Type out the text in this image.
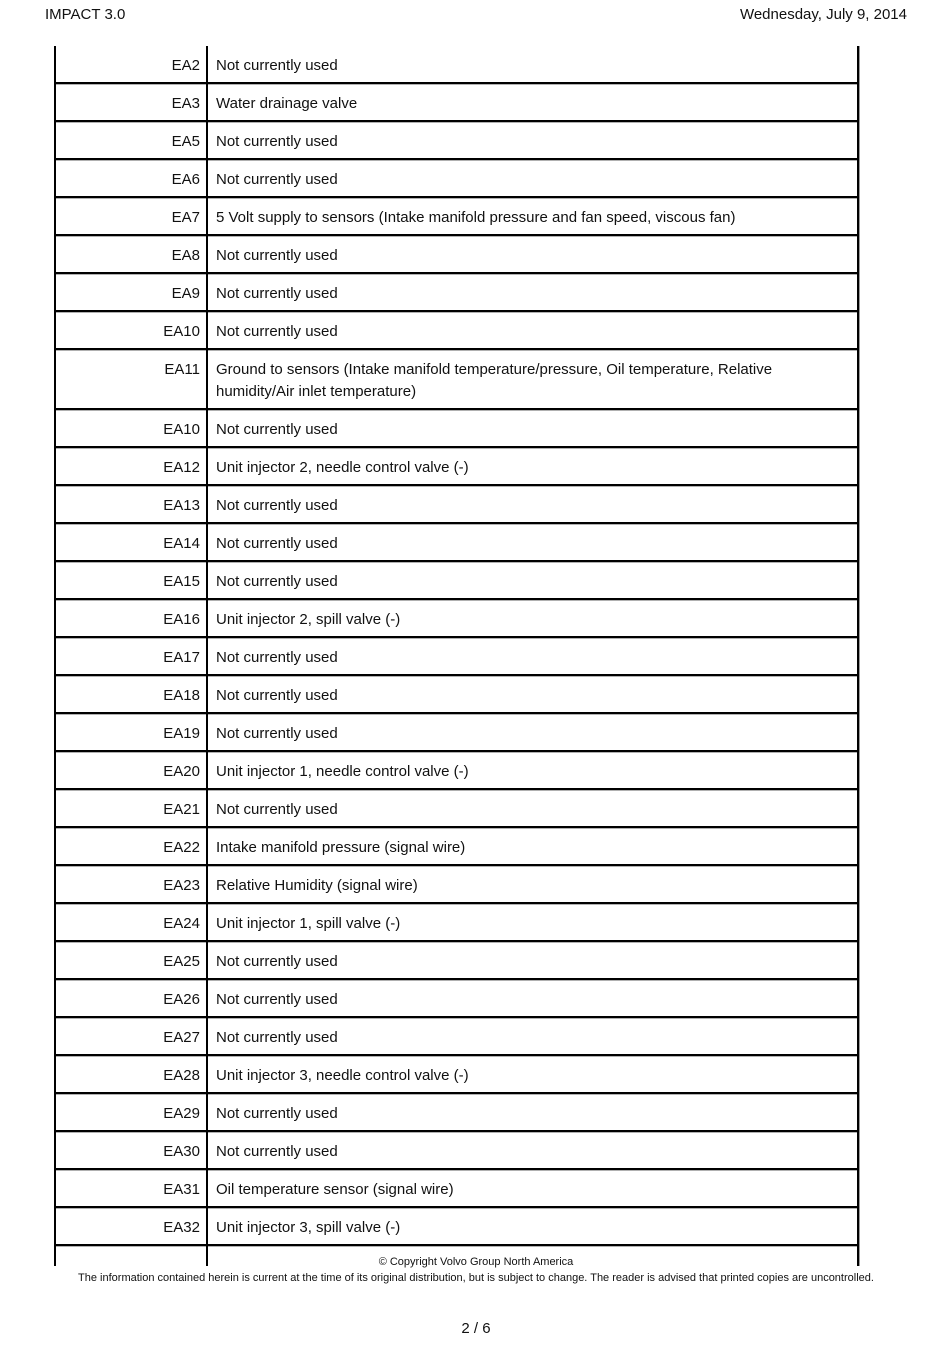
IMPACT 3.0	Wednesday, July 9, 2014
EA2	Not currently used
EA3	Water drainage valve
EA5	Not currently used
EA6	Not currently used
EA7	5 Volt supply to sensors (Intake manifold pressure and fan speed, viscous fan)
EA8	Not currently used
EA9	Not currently used
EA10	Not currently used
EA11	Ground to sensors (Intake manifold temperature/pressure, Oil temperature, Relative humidity/Air inlet temperature)
EA10	Not currently used
EA12	Unit injector 2, needle control valve (-)
EA13	Not currently used
EA14	Not currently used
EA15	Not currently used
EA16	Unit injector 2, spill valve (-)
EA17	Not currently used
EA18	Not currently used
EA19	Not currently used
EA20	Unit injector 1, needle control valve (-)
EA21	Not currently used
EA22	Intake manifold pressure (signal wire)
EA23	Relative Humidity (signal wire)
EA24	Unit injector 1, spill valve (-)
EA25	Not currently used
EA26	Not currently used
EA27	Not currently used
EA28	Unit injector 3, needle control valve (-)
EA29	Not currently used
EA30	Not currently used
EA31	Oil temperature sensor (signal wire)
EA32	Unit injector 3, spill valve (-)
© Copyright Volvo Group North America
The information contained herein is current at the time of its original distribution, but is subject to change. The reader is advised that printed copies are uncontrolled.
2 / 6
